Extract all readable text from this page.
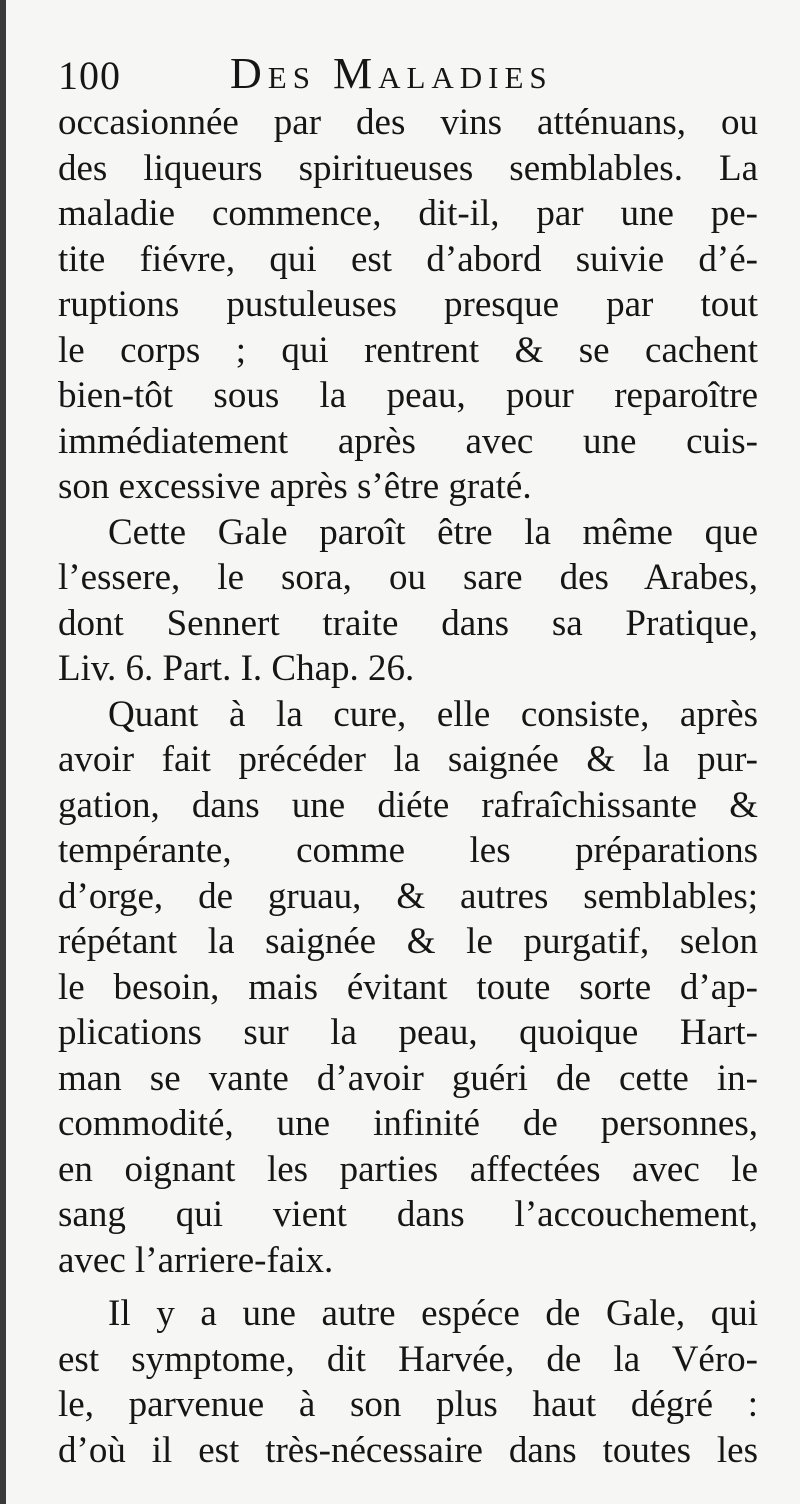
100 Des Maladies
occasionnée par des vins atténuans, ou
des liqueurs spiritueuses semblables. La
maladie commence, dit-il, par une pe-
tite fiévre, qui est d’abord suivie d’é-
ruptions pustuleuses presque par tout
le corps ; qui rentrent & se cachent
bien-tôt sous la peau, pour reparoître
immédiatement après avec une cuis-
son excessive après s’être graté.
Cette Gale paroît être la même que
l’essere, le sora, ou sare des Arabes,
dont Sennert traite dans sa Pratique,
Liv. 6. Part. I. Chap. 26.
Quant à la cure, elle consiste, après
avoir fait précéder la saignée & la pur-
gation, dans une diéte rafraîchissante &
tempérante, comme les préparations
d’orge, de gruau, & autres semblables;
répétant la saignée & le purgatif, selon
le besoin, mais évitant toute sorte d’ap-
plications sur la peau, quoique Hart-
man se vante d’avoir guéri de cette in-
commodité, une infinité de personnes,
en oignant les parties affectées avec le
sang qui vient dans l’accouchement,
avec l’arriere-faix.
Il y a une autre espéce de Gale, qui
est symptome, dit Harvée, de la Véro-
le, parvenue à son plus haut dégré :
d’où il est très-nécessaire dans toutes les
